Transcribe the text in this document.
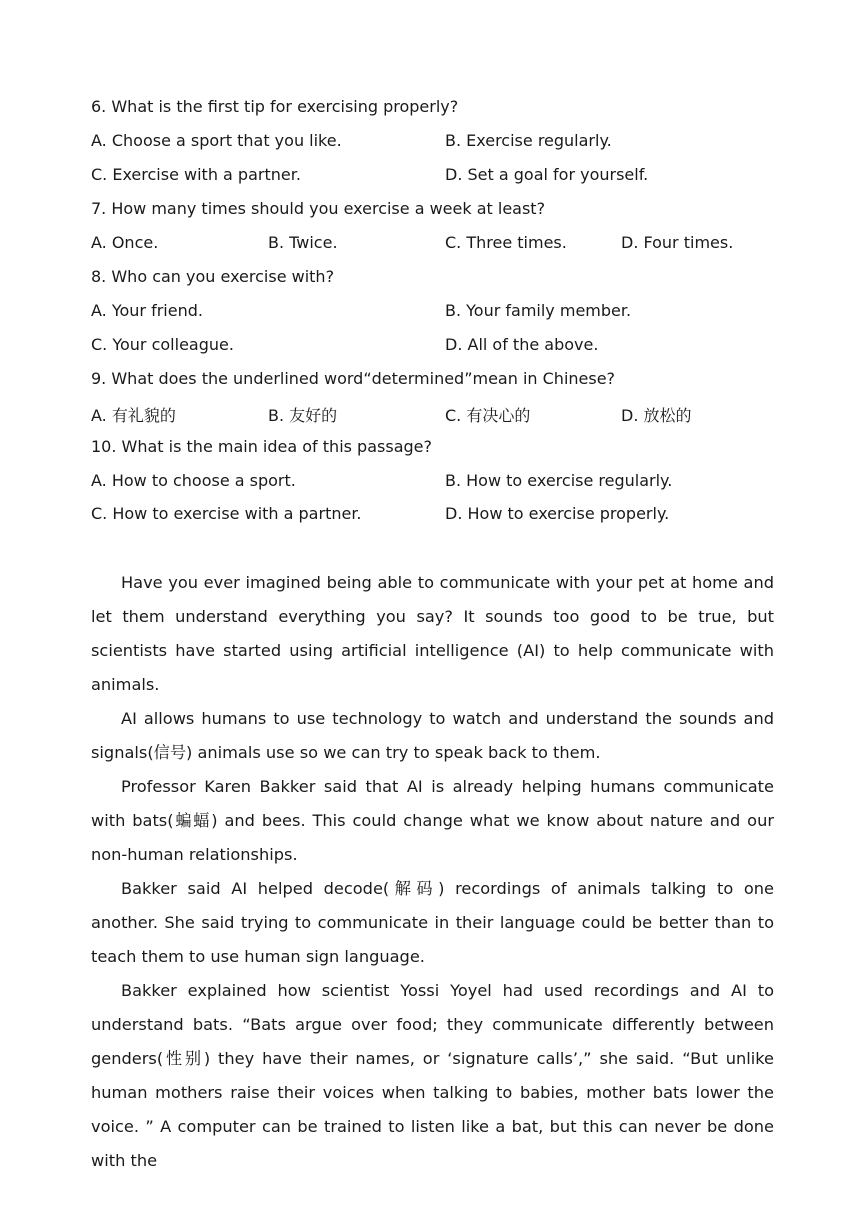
6. What is the first tip for exercising properly?
A. Choose a sport that you like.	B. Exercise regularly.
C. Exercise with a partner.	D. Set a goal for yourself.
7. How many times should you exercise a week at least?
A. Once.	B. Twice.	C. Three times.	D. Four times.
8. Who can you exercise with?
A. Your friend.	B. Your family member.
C. Your colleague.	D. All of the above.
9. What does the underlined word“determined”mean in Chinese?
A. 有礼貌的	B. 友好的	C. 有决心的	D. 放松的
10. What is the main idea of this passage?
A. How to choose a sport.	B. How to exercise regularly.
C. How to exercise with a partner.	D. How to exercise properly.

Have you ever imagined being able to communicate with your pet at home and let them understand everything you say? It sounds too good to be true, but scientists have started using artificial intelligence (AI) to help communicate with animals.

AI allows humans to use technology to watch and understand the sounds and signals(信号) animals use so we can try to speak back to them.

Professor Karen Bakker said that AI is already helping humans communicate with bats(蝙蝠) and bees. This could change what we know about nature and our non-human relationships.

Bakker said AI helped decode(解码) recordings of animals talking to one another. She said trying to communicate in their language could be better than to teach them to use human sign language.

Bakker explained how scientist Yossi Yoyel had used recordings and AI to understand bats. “Bats argue over food; they communicate differently between genders(性别) they have their names, or ‘signature calls’,” she said. “But unlike human mothers raise their voices when talking to babies, mother bats lower the voice. ” A computer can be trained to listen like a bat, but this can never be done with the
